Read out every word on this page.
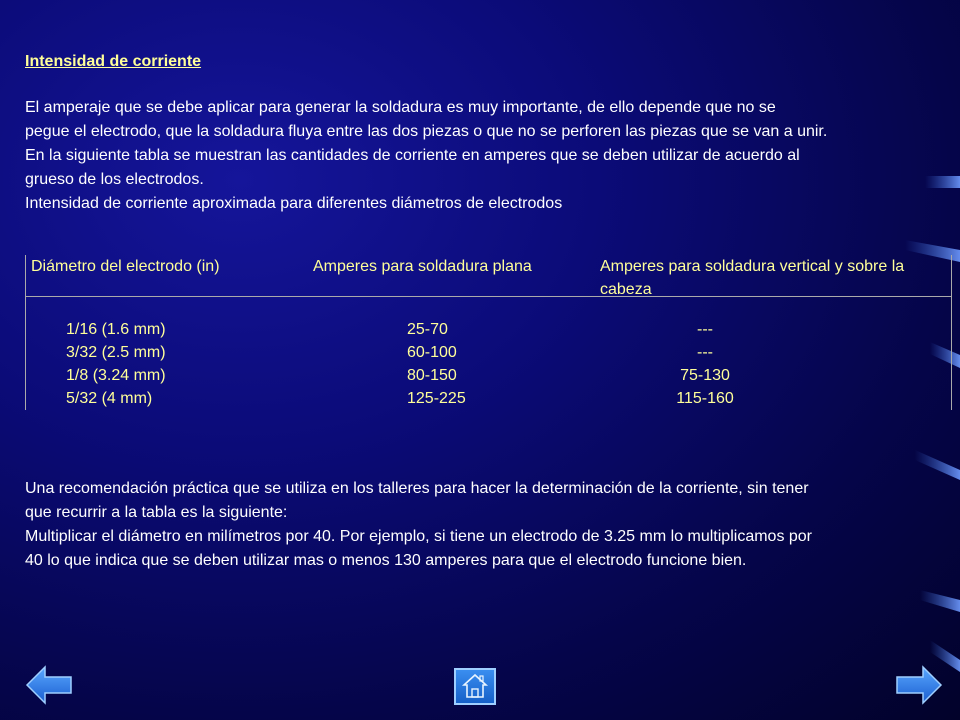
Intensidad de corriente
El amperaje que se debe aplicar para generar la soldadura es muy importante, de ello depende que no se
pegue el electrodo, que la soldadura fluya entre las dos piezas o que no se perforen las piezas que se van a unir.
En la siguiente tabla se muestran las cantidades de corriente en amperes que se deben utilizar de acuerdo al
grueso de los electrodos.
Intensidad de corriente aproximada para diferentes diámetros de electrodos
Diámetro del electrodo (in)	Amperes para soldadura plana	Amperes para soldadura vertical y sobre la cabeza
1/16 (1.6 mm)
3/32 (2.5 mm)
1/8 (3.24 mm)
5/32 (4 mm)
25-70
60-100
80-150
125-225
---
---
75-130
115-160
Una recomendación práctica que se utiliza en los talleres para hacer la determinación de la corriente, sin tener
que recurrir a la tabla es la siguiente:
Multiplicar el diámetro en milímetros por 40. Por ejemplo, si tiene un electrodo de 3.25 mm lo multiplicamos por
40 lo que indica que se deben utilizar mas o menos 130 amperes para que el electrodo funcione bien.
